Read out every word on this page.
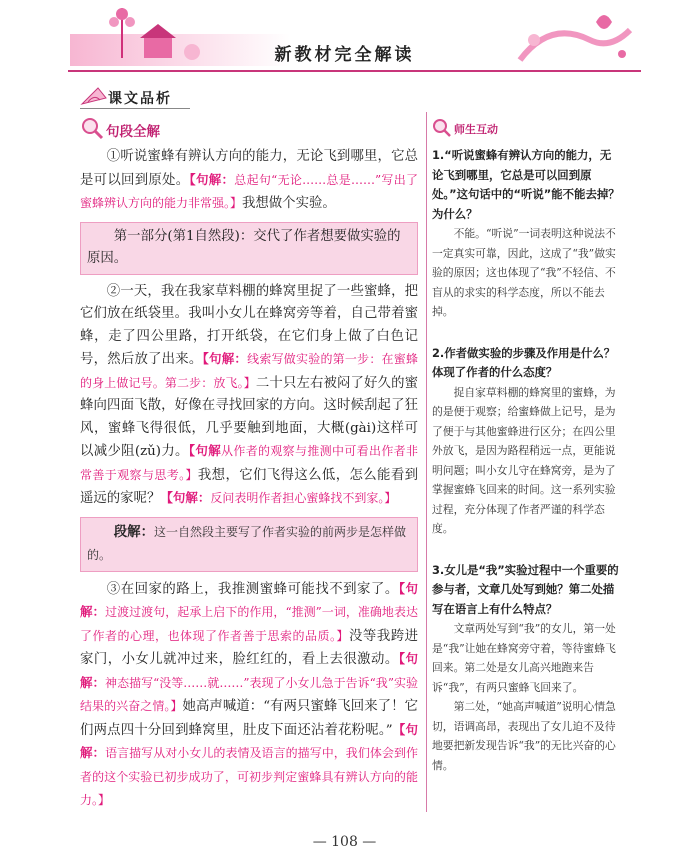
新教材完全解读
课文品析
句段全解

①听说蜜蜂有辨认方向的能力，无论飞到哪里，它总是可以回到原处。【句解：总起句“无论……总是……”写出了蜜蜂辨认方向的能力非常强。】我想做个实验。

第一部分(第1自然段)：交代了作者想要做实验的原因。

②一天，我在我家草料棚的蜂窝里捉了一些蜜蜂，把它们放在纸袋里。我叫小女儿在蜂窝旁等着，自己带着蜜蜂，走了四公里路，打开纸袋，在它们身上做了白色记号，然后放了出来。【句解：线索写做实验的第一步：在蜜蜂的身上做记号。第二步：放飞。】二十只左右被闷了好久的蜜蜂向四面飞散，好像在寻找回家的方向。这时候刮起了狂风，蜜蜂飞得很低，几乎要触到地面，大概(gài)这样可以减少阻(zǔ)力。【句解从作者的观察与推测中可看出作者非常善于观察与思考。】我想，它们飞得这么低，怎么能看到遥远的家呢？【句解：反问表明作者担心蜜蜂找不到家。】

段解：这一自然段主要写了作者实验的前两步是怎样做的。

③在回家的路上，我推测蜜蜂可能找不到家了。【句解：过渡过渡句，起承上启下的作用，“推测”一词，准确地表达了作者的心理，也体现了作者善于思索的品质。】没等我跨进家门，小女儿就冲过来，脸红红的，看上去很激动。【句解：神态描写“没等……就……”表现了小女儿急于告诉“我”实验结果的兴奋之情。】她高声喊道：“有两只蜜蜂飞回来了！它们两点四十分回到蜂窝里，肚皮下面还沾着花粉呢。”【句解：语言描写从对小女儿的表情及语言的描写中，我们体会到作者的这个实验已初步成功了，可初步判定蜜蜂具有辨认方向的能力。】

师生互动

1.“听说蜜蜂有辨认方向的能力，无论飞到哪里，它总是可以回到原处。”这句话中的“听说”能不能去掉？为什么？

不能。“听说”一词表明这种说法不一定真实可靠，因此，这成了“我”做实验的原因；这也体现了“我”不轻信、不盲从的求实的科学态度，所以不能去掉。

2.作者做实验的步骤及作用是什么？体现了作者的什么态度？

捉自家草料棚的蜂窝里的蜜蜂，为的是便于观察；给蜜蜂做上记号，是为了便于与其他蜜蜂进行区分；在四公里外放飞，是因为路程稍远一点，更能说明问题；叫小女儿守在蜂窝旁，是为了掌握蜜蜂飞回来的时间。这一系列实验过程，充分体现了作者严谨的科学态度。

3.女儿是“我”实验过程中一个重要的参与者，文章几处写到她？第二处描写在语言上有什么特点？

文章两处写到“我”的女儿，第一处是“我”让她在蜂窝旁守着，等待蜜蜂飞回来。第二处是女儿高兴地跑来告诉“我”，有两只蜜蜂飞回来了。

第二处，“她高声喊道”说明心情急切，语调高昂，表现出了女儿迫不及待地要把新发现告诉“我”的无比兴奋的心情。

— 108 —
